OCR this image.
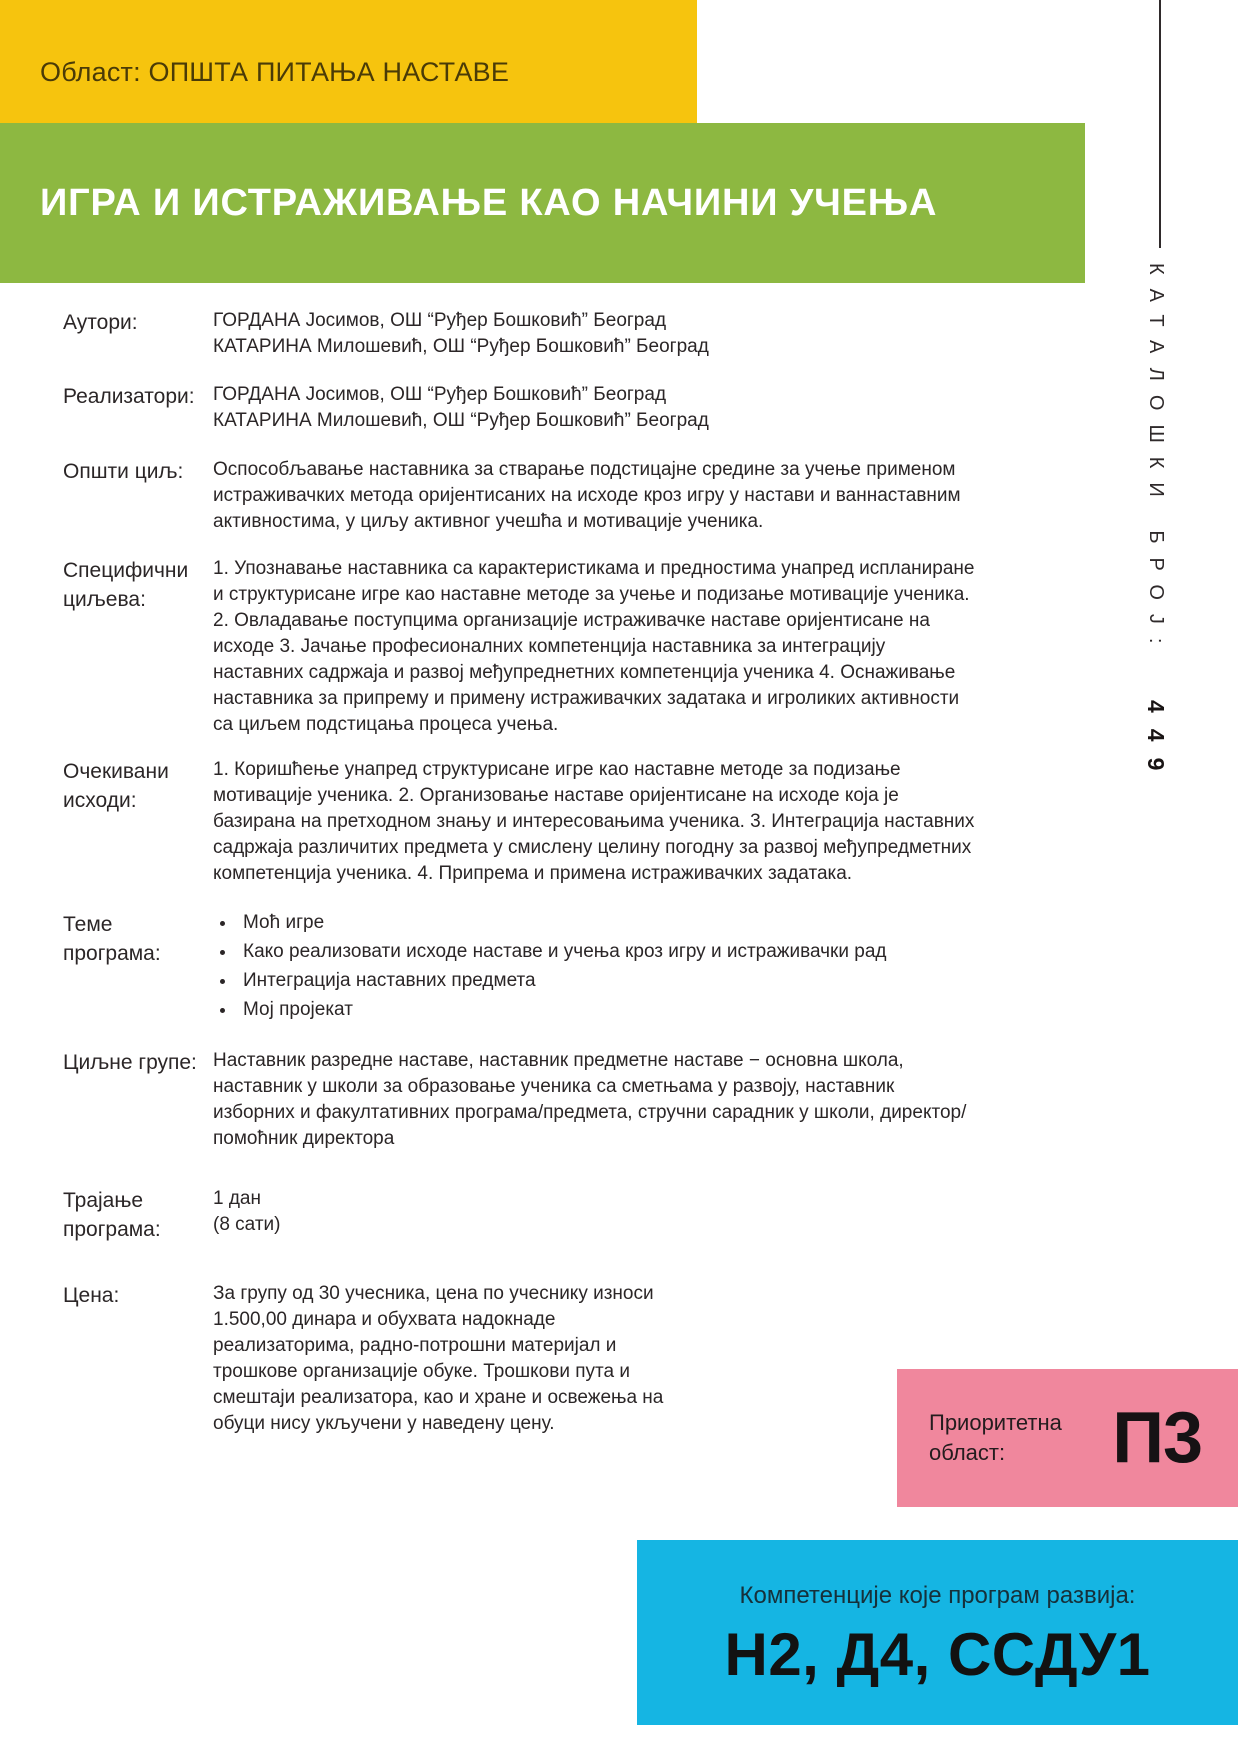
Област: ОПШТА ПИТАЊА НАСТАВЕ
ИГРА И ИСТРАЖИВАЊЕ КАО НАЧИНИ УЧЕЊА
КАТАЛОШКИ БРОЈ:
449
Аутори:	ГОРДАНА Јосимов, ОШ “Руђер Бошковић” Београд
КАТАРИНА Милошевић, ОШ “Руђер Бошковић” Београд
Реализатори: ГОРДАНА Јосимов, ОШ “Руђер Бошковић” Београд
КАТАРИНА Милошевић, ОШ “Руђер Бошковић” Београд
Општи циљ:	Оспособљавање наставника за стварање подстицајне средине за учење применом истраживачких метода оријентисаних на исходе кроз игру у настави и ваннаставним активностима, у циљу активног учешћа и мотивације ученика.
Специфични циљева:
1. Упознавање наставника са карактеристикама и предностима унапред испланиране и структурисане игре као наставне методе за учење и подизање мотивације ученика. 2. Овладавање поступцима организације истраживачке наставе оријентисане на исходе 3. Јачање професионалних компетенција наставника за интеграцију наставних садржаја и развој међупреднетних компетенција ученика 4. Оснаживање наставника за припрему и примену истраживачких задатака и игроликих активности са циљем подстицања процеса учења.
Очекивани исходи:
1. Коришћење унапред структурисане игре као наставне методе за подизање мотивације ученика. 2. Организовање наставе оријентисане на исходе која је базирана на претходном знању и интересовањима ученика. 3. Интеграција наставних садржаја различитих предмета у смислену целину погодну за развој међупредметних компетенција ученика. 4. Припрема и примена истраживачких задатака.
Теме програма:
• Моћ игре
• Како реализовати исходе наставе и учења кроз игру и истраживачки рад
• Интеграција наставних предмета
• Мој пројекат
Циљне групе: Наставник разредне наставе, наставник предметне наставе − основна школа, наставник у школи за образовање ученика са сметњама у развоју, наставник изборних и факултативних програма/предмета, стручни сарадник у школи, директор/помоћник директора
Трајање програма:
1 дан
(8 сати)
Цена:	За групу од 30 учесника, цена по учеснику износи 1.500,00 динара и обухвата надокнаде реализаторима, радно-потрошни материјал и трошкове организације обуке. Трошкови пута и смештаји реализатора, као и хране и освежења на обуци нису укључени у наведену цену.	Приоритетна област:	П3
Компетенције које програм развија:
Н2, Д4, ССДУ1
